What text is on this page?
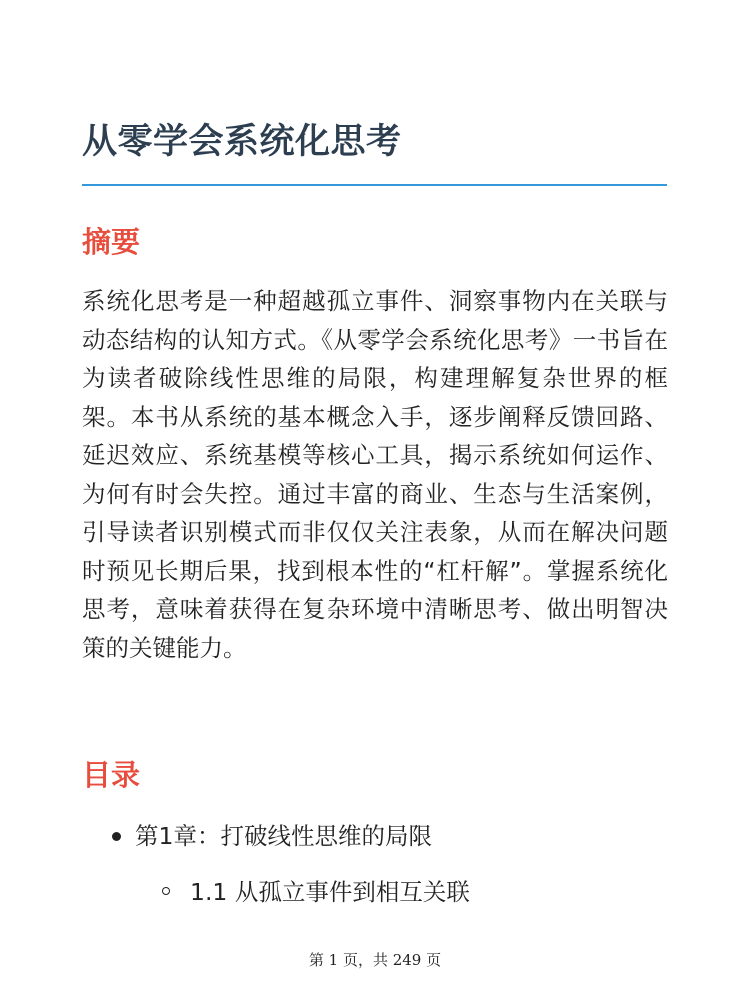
从零学会系统化思考
摘要

系统化思考是一种超越孤立事件、洞察事物内在关联与动态结构的认知方式。《从零学会系统化思考》一书旨在为读者破除线性思维的局限，构建理解复杂世界的框架。本书从系统的基本概念入手，逐步阐释反馈回路、延迟效应、系统基模等核心工具，揭示系统如何运作、为何有时会失控。通过丰富的商业、生态与生活案例，引导读者识别模式而非仅仅关注表象，从而在解决问题时预见长期后果，找到根本性的“杠杆解”。掌握系统化思考，意味着获得在复杂环境中清晰思考、做出明智决策的关键能力。

目录
第1章：打破线性思维的局限
1.1 从孤立事件到相互关联
第 1 页，共 249 页
